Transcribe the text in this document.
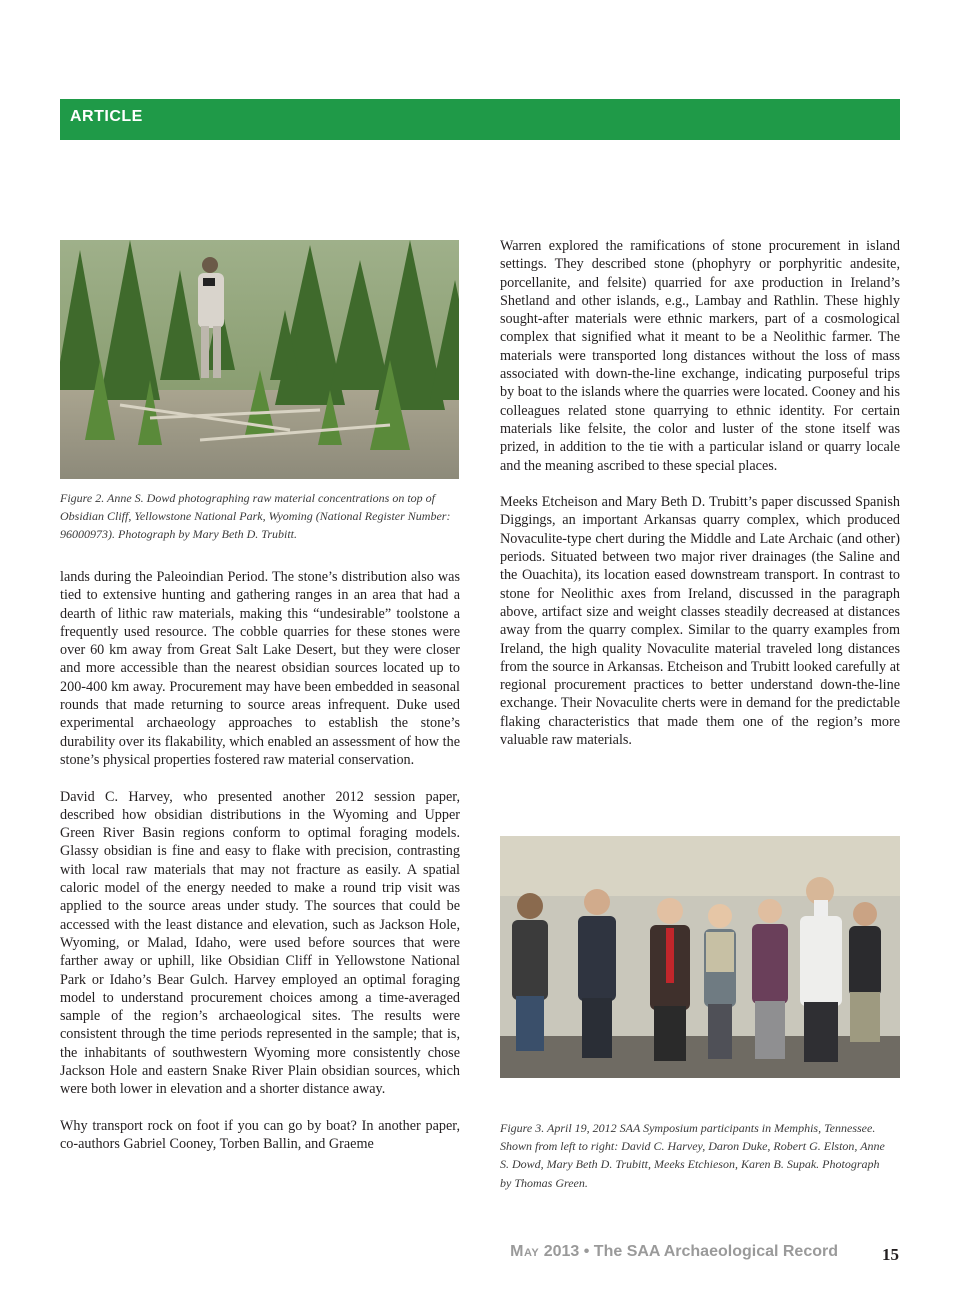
ARTICLE
Figure 2. Anne S. Dowd photographing raw material concentrations on top of Obsidian Cliff, Yellowstone National Park, Wyoming (National Register Number: 96000973). Photograph by Mary Beth D. Trubitt.

lands during the Paleoindian Period. The stone’s distribution also was tied to extensive hunting and gathering ranges in an area that had a dearth of lithic raw materials, making this “undesirable” toolstone a frequently used resource. The cobble quarries for these stones were over 60 km away from Great Salt Lake Desert, but they were closer and more accessible than the nearest obsidian sources located up to 200-400 km away. Procurement may have been embedded in seasonal rounds that made returning to source areas infrequent. Duke used experimental archaeology approaches to establish the stone’s durability over its flakability, which enabled an assessment of how the stone’s physical properties fostered raw material conservation.

David C. Harvey, who presented another 2012 session paper, described how obsidian distributions in the Wyoming and Upper Green River Basin regions conform to optimal foraging models. Glassy obsidian is fine and easy to flake with precision, contrasting with local raw materials that may not fracture as easily. A spatial caloric model of the energy needed to make a round trip visit was applied to the source areas under study. The sources that could be accessed with the least distance and elevation, such as Jackson Hole, Wyoming, or Malad, Idaho, were used before sources that were farther away or uphill, like Obsidian Cliff in Yellowstone National Park or Idaho’s Bear Gulch. Harvey employed an optimal foraging model to understand procurement choices among a time-averaged sample of the region’s archaeological sites. The results were consistent through the time periods represented in the sample; that is, the inhabitants of southwestern Wyoming more consistently chose Jackson Hole and eastern Snake River Plain obsidian sources, which were both lower in elevation and a shorter distance away.

Why transport rock on foot if you can go by boat? In another paper, co-authors Gabriel Cooney, Torben Ballin, and Graeme

Warren explored the ramifications of stone procurement in island settings. They described stone (phophyry or porphyritic andesite, porcellanite, and felsite) quarried for axe production in Ireland’s Shetland and other islands, e.g., Lambay and Rathlin. These highly sought-after materials were ethnic markers, part of a cosmological complex that signified what it meant to be a Neolithic farmer. The materials were transported long distances without the loss of mass associated with down-the-line exchange, indicating purposeful trips by boat to the islands where the quarries were located. Cooney and his colleagues related stone quarrying to ethnic identity. For certain materials like felsite, the color and luster of the stone itself was prized, in addition to the tie with a particular island or quarry locale and the meaning ascribed to these special places.

Meeks Etcheison and Mary Beth D. Trubitt’s paper discussed Spanish Diggings, an important Arkansas quarry complex, which produced Novaculite-type chert during the Middle and Late Archaic (and other) periods. Situated between two major river drainages (the Saline and the Ouachita), its location eased downstream transport. In contrast to stone for Neolithic axes from Ireland, discussed in the paragraph above, artifact size and weight classes steadily decreased at distances away from the quarry complex. Similar to the quarry examples from Ireland, the high quality Novaculite material traveled long distances from the source in Arkansas. Etcheison and Trubitt looked carefully at regional procurement practices to better understand down-the-line exchange. Their Novaculite cherts were in demand for the predictable flaking characteristics that made them one of the region’s more valuable raw materials.

Figure 3. April 19, 2012 SAA Symposium participants in Memphis, Tennessee. Shown from left to right: David C. Harvey, Daron Duke, Robert G. Elston, Anne S. Dowd, Mary Beth D. Trubitt, Meeks Etchieson, Karen B. Supak. Photograph by Thomas Green.
May 2013 • The SAA Archaeological Record	15
